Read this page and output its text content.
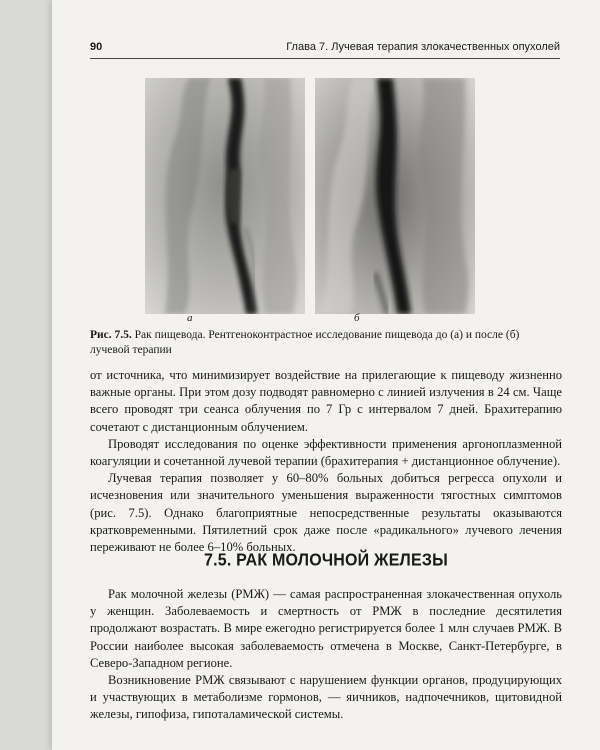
90	Глава 7. Лучевая терапия злокачественных опухолей
а	б
Рис. 7.5. Рак пищевода. Рентгеноконтрастное исследование пищевода до (а) и после (б) лучевой терапии

от источника, что минимизирует воздействие на прилегающие к пищеводу жизненно важные органы. При этом дозу подводят равномерно с линией излучения в 24 см. Чаще всего проводят три сеанса облучения по 7 Гр с интервалом 7 дней. Брахитерапию сочетают с дистанционным облучением.

Проводят исследования по оценке эффективности применения аргоноплазменной коагуляции и сочетанной лучевой терапии (брахитерапия + дистанционное облучение).

Лучевая терапия позволяет у 60–80% больных добиться регресса опухоли и исчезновения или значительного уменьшения выраженности тягостных симптомов (рис. 7.5). Однако благоприятные непосредственные результаты оказываются кратковременными. Пятилетний срок даже после «радикального» лучевого лечения переживают не более 6–10% больных.

7.5. РАК МОЛОЧНОЙ ЖЕЛЕЗЫ

Рак молочной железы (РМЖ) — самая распространенная злокачественная опухоль у женщин. Заболеваемость и смертность от РМЖ в последние десятилетия продолжают возрастать. В мире ежегодно регистрируется более 1 млн случаев РМЖ. В России наиболее высокая заболеваемость отмечена в Москве, Санкт-Петербурге, в Северо-Западном регионе.

Возникновение РМЖ связывают с нарушением функции органов, продуцирующих и участвующих в метаболизме гормонов, — яичников, надпочечников, щитовидной железы, гипофиза, гипоталамической системы.
